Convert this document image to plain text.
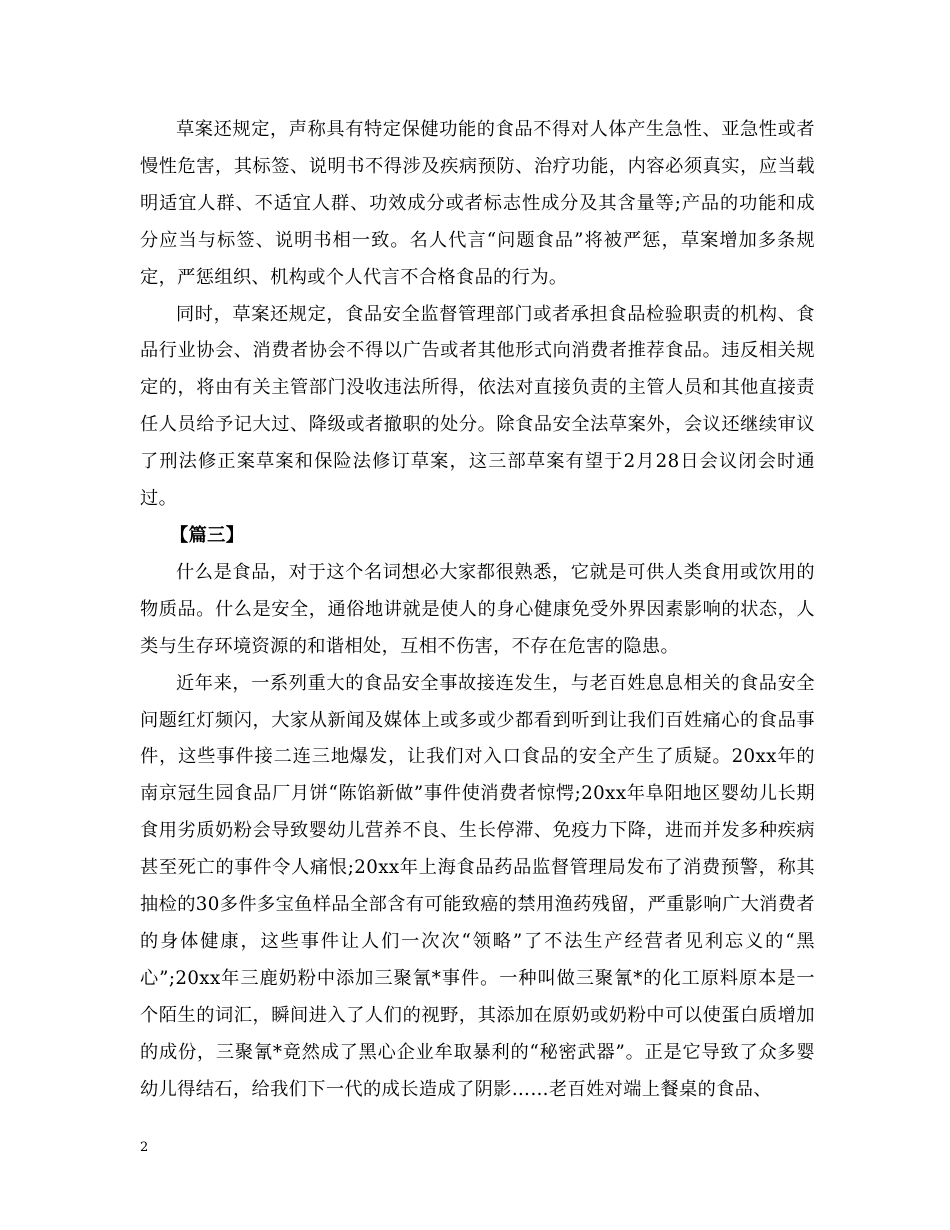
草案还规定，声称具有特定保健功能的食品不得对人体产生急性、亚急性或者慢性危害，其标签、说明书不得涉及疾病预防、治疗功能，内容必须真实，应当载明适宜人群、不适宜人群、功效成分或者标志性成分及其含量等;产品的功能和成分应当与标签、说明书相一致。名人代言“问题食品”将被严惩，草案增加多条规定，严惩组织、机构或个人代言不合格食品的行为。

同时，草案还规定，食品安全监督管理部门或者承担食品检验职责的机构、食品行业协会、消费者协会不得以广告或者其他形式向消费者推荐食品。违反相关规定的，将由有关主管部门没收违法所得，依法对直接负责的主管人员和其他直接责任人员给予记大过、降级或者撤职的处分。除食品安全法草案外，会议还继续审议了刑法修正案草案和保险法修订草案，这三部草案有望于2月28日会议闭会时通过。

【篇三】

什么是食品，对于这个名词想必大家都很熟悉，它就是可供人类食用或饮用的物质品。什么是安全，通俗地讲就是使人的身心健康免受外界因素影响的状态，人类与生存环境资源的和谐相处，互相不伤害，不存在危害的隐患。

近年来，一系列重大的食品安全事故接连发生，与老百姓息息相关的食品安全问题红灯频闪，大家从新闻及媒体上或多或少都看到听到让我们百姓痛心的食品事件，这些事件接二连三地爆发，让我们对入口食品的安全产生了质疑。20xx年的南京冠生园食品厂月饼“陈馅新做”事件使消费者惊愕;20xx年阜阳地区婴幼儿长期食用劣质奶粉会导致婴幼儿营养不良、生长停滞、免疫力下降，进而并发多种疾病甚至死亡的事件令人痛恨;20xx年上海食品药品监督管理局发布了消费预警，称其抽检的30多件多宝鱼样品全部含有可能致癌的禁用渔药残留，严重影响广大消费者的身体健康，这些事件让人们一次次“领略”了不法生产经营者见利忘义的“黑心”;20xx年三鹿奶粉中添加三聚氰*事件。一种叫做三聚氰*的化工原料原本是一个陌生的词汇，瞬间进入了人们的视野，其添加在原奶或奶粉中可以使蛋白质增加的成份，三聚氰*竟然成了黑心企业牟取暴利的“秘密武器”。正是它导致了众多婴幼儿得结石，给我们下一代的成长造成了阴影……老百姓对端上餐桌的食品、

2
